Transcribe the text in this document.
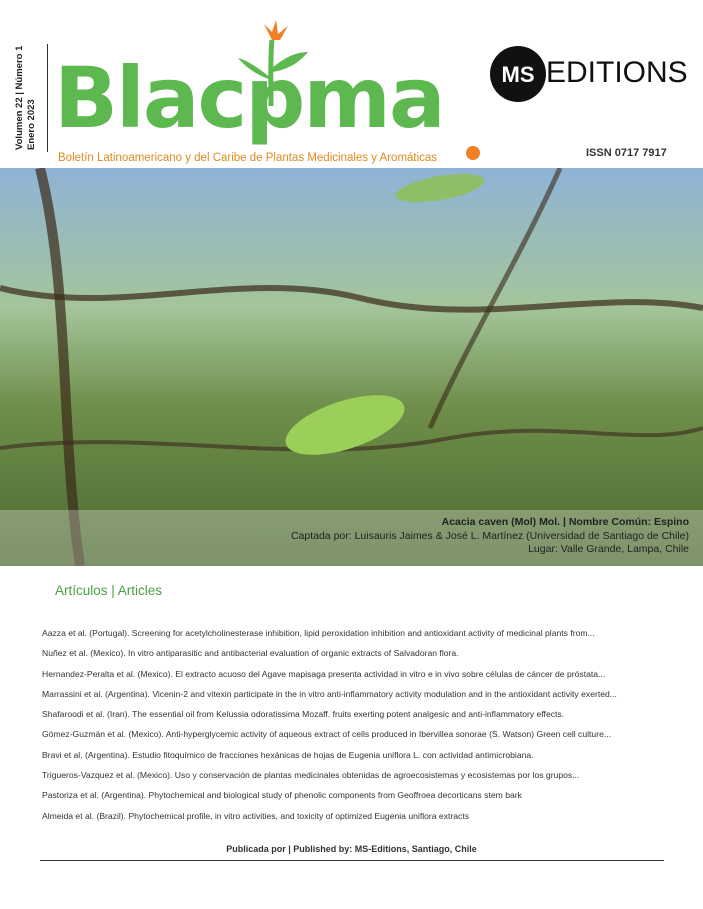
Volumen 22 | Número 1 Enero 2023 Blacpma
Boletín Latinoamericano y del Caribe de Plantas Medicinales y Aromáticas
MS EDITIONS
ISSN 0717 7917
Acacia caven (Mol) Mol. | Nombre Común: Espino
Captada por: Luisauris Jaimes & José L. Martínez (Universidad de Santiago de Chile)
Lugar: Valle Grande, Lampa, Chile
Artículos | Articles
Aazza et al. (Portugal). Screening for acetylcholinesterase inhibition, lipid peroxidation inhibition and antioxidant activity of medicinal plants from...
Nuñez et al. (Mexico). In vitro antiparasitic and antibacterial evaluation of organic extracts of Salvadoran flora.
Hernandez-Peralta et al. (Mexico). El extracto acuoso del Agave mapisaga presenta actividad in vitro e in vivo sobre células de cáncer de próstata...
Marrassini et al. (Argentina). Vicenin-2 and vitexin participate in the in vitro anti-inflammatory activity modulation and in the antioxidant activity exerted...
Shafaroodi et al. (Iran). The essential oil from Kelussia odoratissima Mozaff. fruits exerting potent analgesic and anti-inflammatory effects.
Gómez-Guzmán et al. (Mexico). Anti-hyperglycemic activity of aqueous extract of cells produced in Ibervillea sonorae (S. Watson) Green cell culture...
Bravi et al. (Argentina). Estudio fitoquímico de fracciones hexánicas de hojas de Eugenia uniflora L. con actividad antimicrobiana.
Trigueros-Vazquez et al. (Mexico). Uso y conservación de plantas medicinales obtenidas de agroecosistemas y ecosistemas por los grupos...
Pastoriza et al. (Argentina). Phytochemical and biological study of phenolic components from Geoffroea decorticans stem bark
Almeida et al. (Brazil). Phytochemical profile, in vitro activities, and toxicity of optimized Eugenia uniflora extracts
Publicada por | Published by: MS-Editions, Santiago, Chile
